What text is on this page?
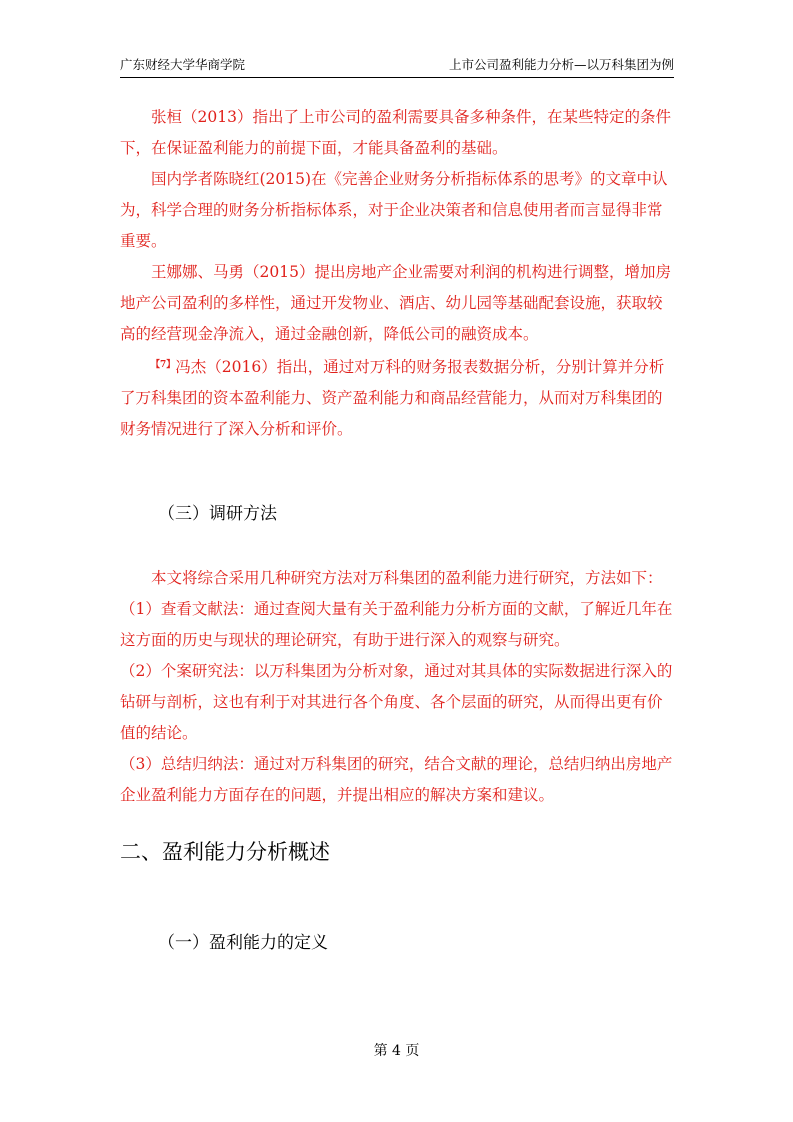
广东财经大学华商学院	上市公司盈利能力分析—以万科集团为例

张桓（2013）指出了上市公司的盈利需要具备多种条件，在某些特定的条件下，在保证盈利能力的前提下面，才能具备盈利的基础。

国内学者陈晓红(2015)在《完善企业财务分析指标体系的思考》的文章中认为，科学合理的财务分析指标体系，对于企业决策者和信息使用者而言显得非常重要。

王娜娜、马勇（2015）提出房地产企业需要对利润的机构进行调整，增加房地产公司盈利的多样性，通过开发物业、酒店、幼儿园等基础配套设施，获取较高的经营现金净流入，通过金融创新，降低公司的融资成本。

$^{【7】}$冯杰（2016）指出，通过对万科的财务报表数据分析，分别计算并分析了万科集团的资本盈利能力、资产盈利能力和商品经营能力，从而对万科集团的财务情况进行了深入分析和评价。

（三）调研方法

本文将综合采用几种研究方法对万科集团的盈利能力进行研究，方法如下：

（1）查看文献法：通过查阅大量有关于盈利能力分析方面的文献，了解近几年在这方面的历史与现状的理论研究，有助于进行深入的观察与研究。

（2）个案研究法：以万科集团为分析对象，通过对其具体的实际数据进行深入的钻研与剖析，这也有利于对其进行各个角度、各个层面的研究，从而得出更有价值的结论。

（3）总结归纳法：通过对万科集团的研究，结合文献的理论，总结归纳出房地产企业盈利能力方面存在的问题，并提出相应的解决方案和建议。

二、盈利能力分析概述
（一）盈利能力的定义
第 4 页
